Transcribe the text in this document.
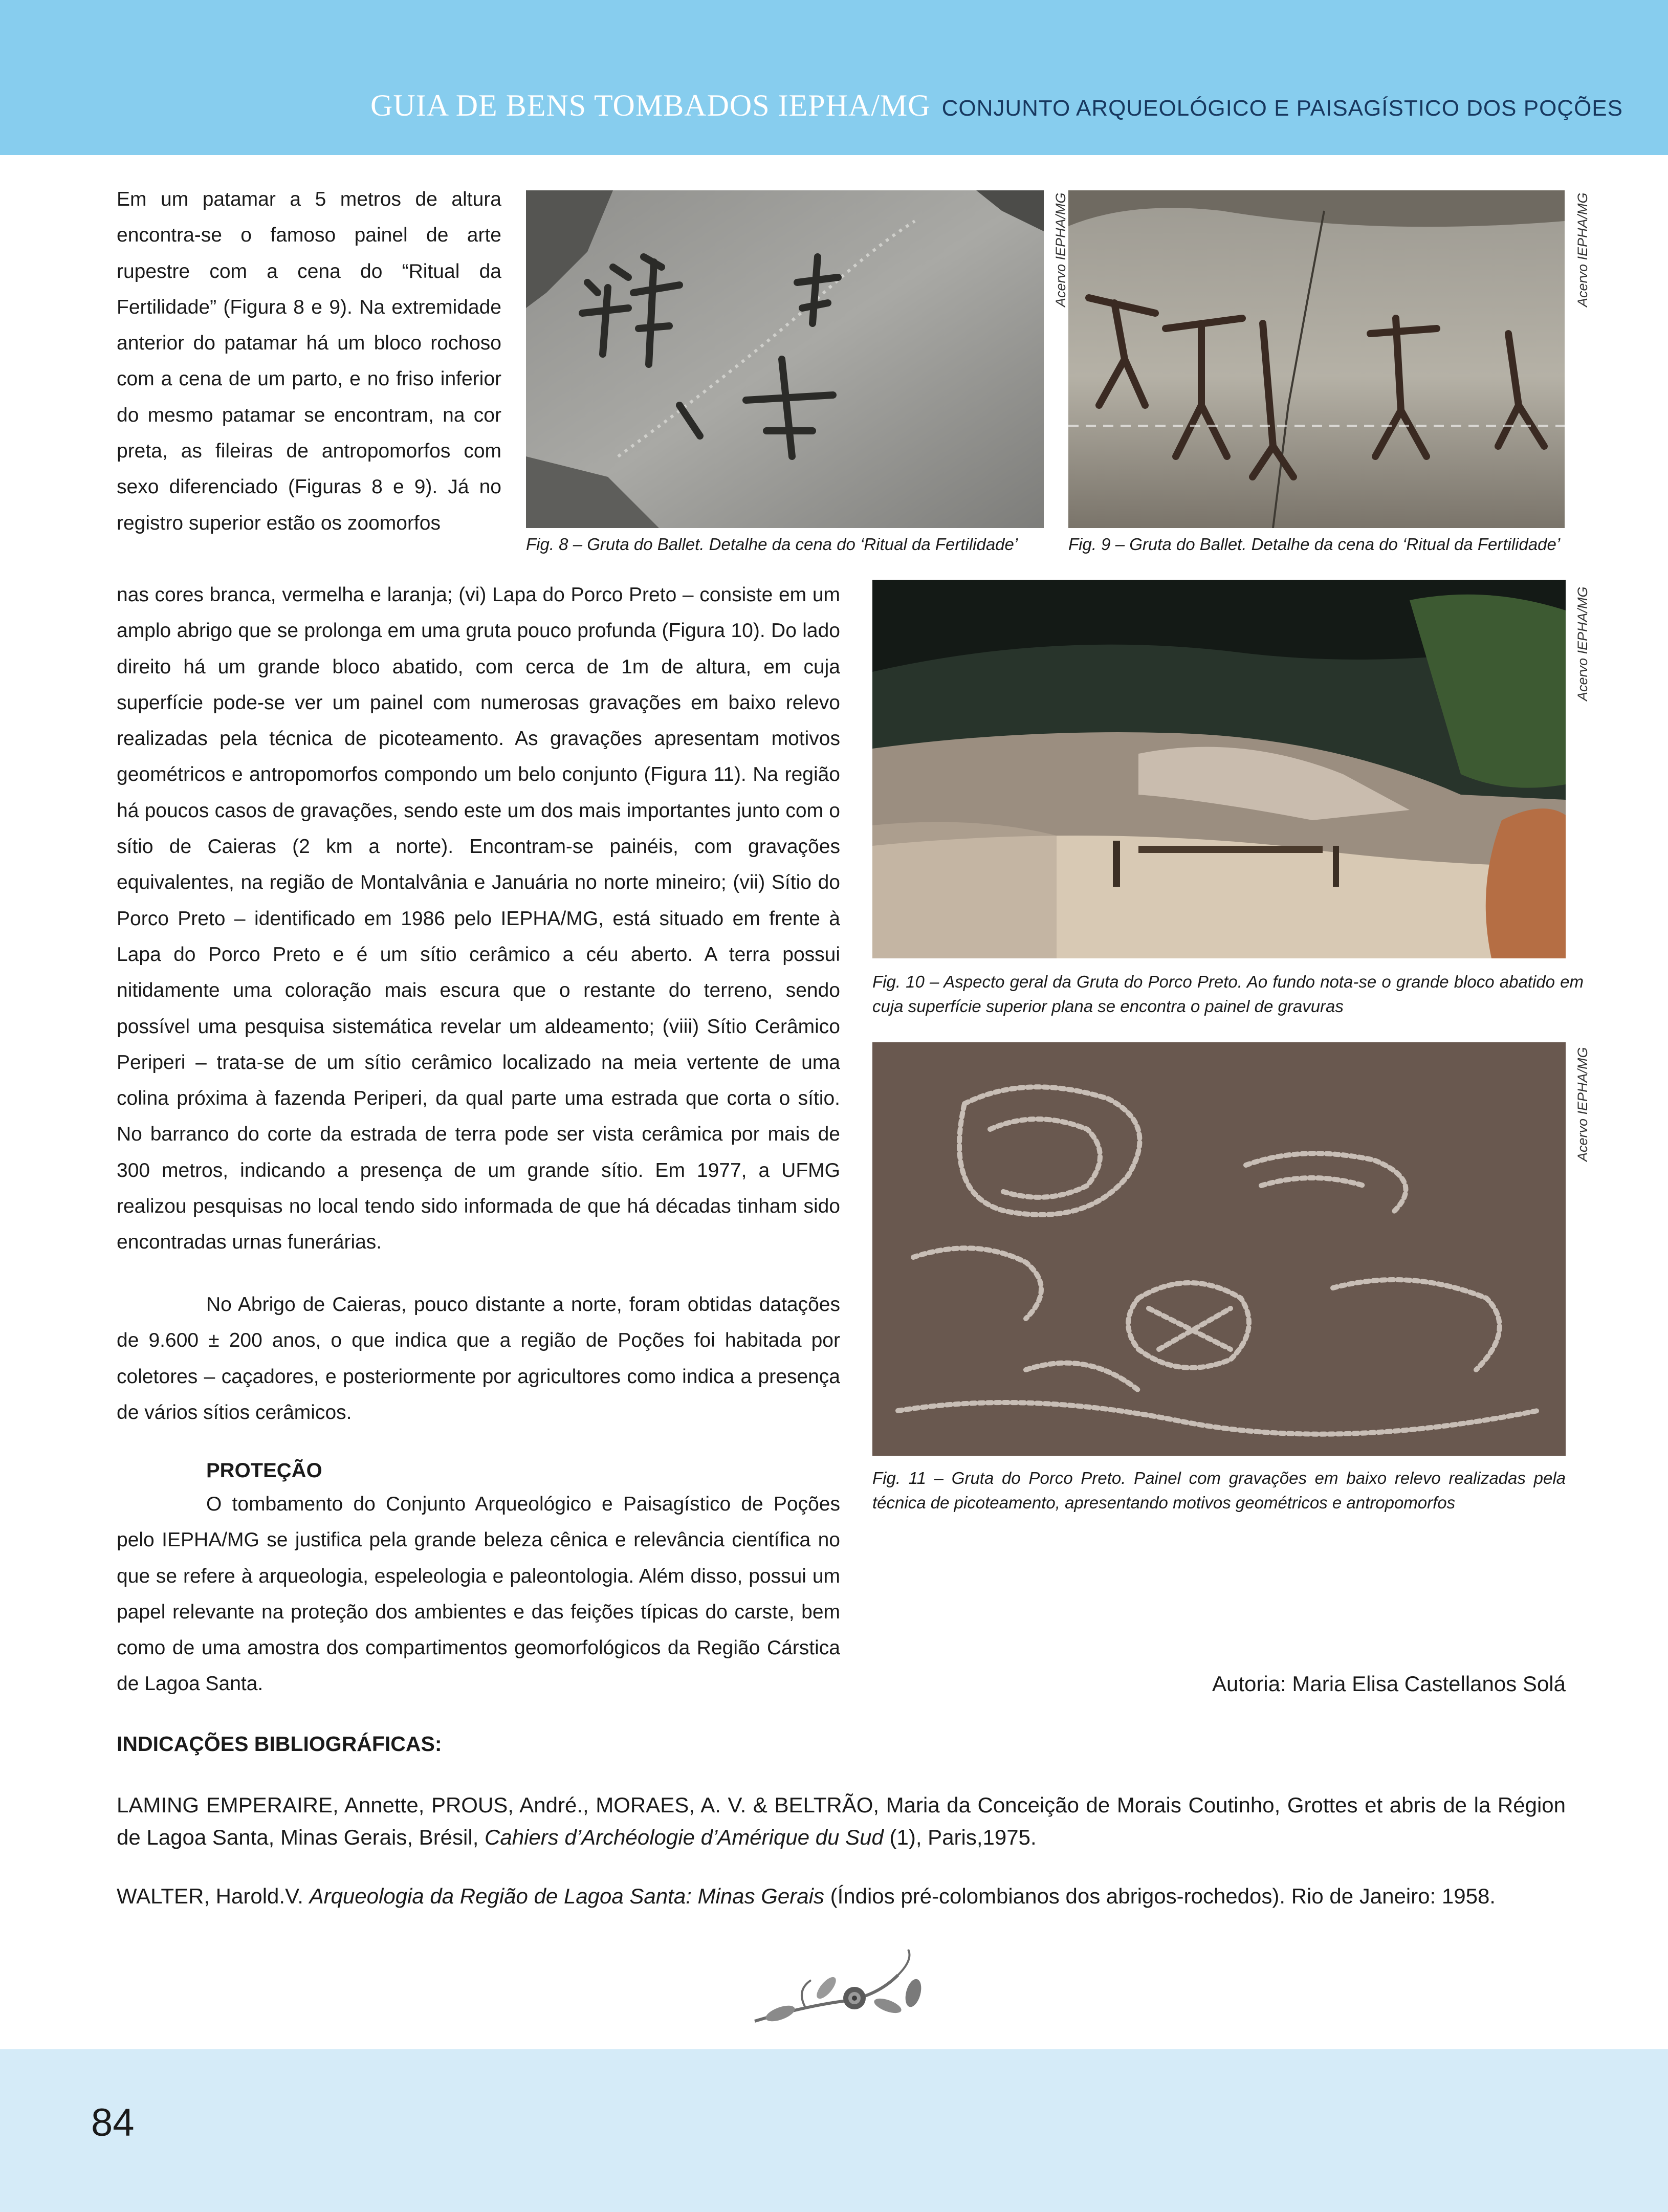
GUIA DE BENS TOMBADOS IEPHA/MG CONJUNTO ARQUEOLÓGICO E PAISAGÍSTICO DOS POÇÕES

Em um patamar a 5 metros de altura encontra-se o famoso painel de arte rupestre com a cena do “Ritual da Fertilidade” (Figura 8 e 9). Na extremidade anterior do patamar há um bloco rochoso com a cena de um parto, e no friso inferior do mesmo patamar se encontram, na cor preta, as fileiras de antropomorfos com sexo diferenciado (Figuras 8 e 9). Já no registro superior estão os zoomorfos

nas cores branca, vermelha e laranja; (vi) Lapa do Porco Preto – consiste em um amplo abrigo que se prolonga em uma gruta pouco profunda (Figura 10). Do lado direito há um grande bloco abatido, com cerca de 1m de altura, em cuja superfície pode-se ver um painel com numerosas gravações em baixo relevo realizadas pela técnica de picoteamento. As gravações apresentam motivos geométricos e antropomorfos compondo um belo conjunto (Figura 11). Na região há poucos casos de gravações, sendo este um dos mais importantes junto com o sítio de Caieras (2 km a norte). Encontram-se painéis, com gravações equivalentes, na região de Montalvânia e Januária no norte mineiro; (vii) Sítio do Porco Preto – identificado em 1986 pelo IEPHA/MG, está situado em frente à Lapa do Porco Preto e é um sítio cerâmico a céu aberto. A terra possui nitidamente uma coloração mais escura que o restante do terreno, sendo possível uma pesquisa sistemática revelar um aldeamento; (viii) Sítio Cerâmico Periperi – trata-se de um sítio cerâmico localizado na meia vertente de uma colina próxima à fazenda Periperi, da qual parte uma estrada que corta o sítio. No barranco do corte da estrada de terra pode ser vista cerâmica por mais de 300 metros, indicando a presença de um grande sítio. Em 1977, a UFMG realizou pesquisas no local tendo sido informada de que há décadas tinham sido encontradas urnas funerárias.

No Abrigo de Caieras, pouco distante a norte, foram obtidas datações de 9.600 ± 200 anos, o que indica que a região de Poções foi habitada por coletores – caçadores, e posteriormente por agricultores como indica a presença de vários sítios cerâmicos.

PROTEÇÃO

O tombamento do Conjunto Arqueológico e Paisagístico de Poções pelo IEPHA/MG se justifica pela grande beleza cênica e relevância científica no que se refere à arqueologia, espeleologia e paleontologia. Além disso, possui um papel relevante na proteção dos ambientes e das feições típicas do carste, bem como de uma amostra dos compartimentos geomorfológicos da Região Cárstica de Lagoa Santa.

Acervo IEPHA/MG

Fig. 8 – Gruta do Ballet. Detalhe da cena do ‘Ritual da Fertilidade’

Acervo IEPHA/MG

Fig. 9 – Gruta do Ballet. Detalhe da cena do ‘Ritual da Fertilidade’

Acervo IEPHA/MG

Fig. 10 – Aspecto geral da Gruta do Porco Preto. Ao fundo nota-se o grande bloco abatido em cuja superfície superior plana se encontra o painel de gravuras

Acervo IEPHA/MG

Fig. 11 – Gruta do Porco Preto. Painel com gravações em baixo relevo realizadas pela técnica de picoteamento, apresentando motivos geométricos e antropomorfos

Autoria: Maria Elisa Castellanos Solá
INDICAÇÕES BIBLIOGRÁFICAS:

LAMING EMPERAIRE, Annette, PROUS, André., MORAES, A. V. & BELTRÃO, Maria da Conceição de Morais Coutinho, Grottes et abris de la Région de Lagoa Santa, Minas Gerais, Brésil, Cahiers d’Archéologie d’Amérique du Sud (1), Paris,1975.

WALTER, Harold.V. Arqueologia da Região de Lagoa Santa: Minas Gerais (Índios pré-colombianos dos abrigos-rochedos). Rio de Janeiro: 1958.

84
